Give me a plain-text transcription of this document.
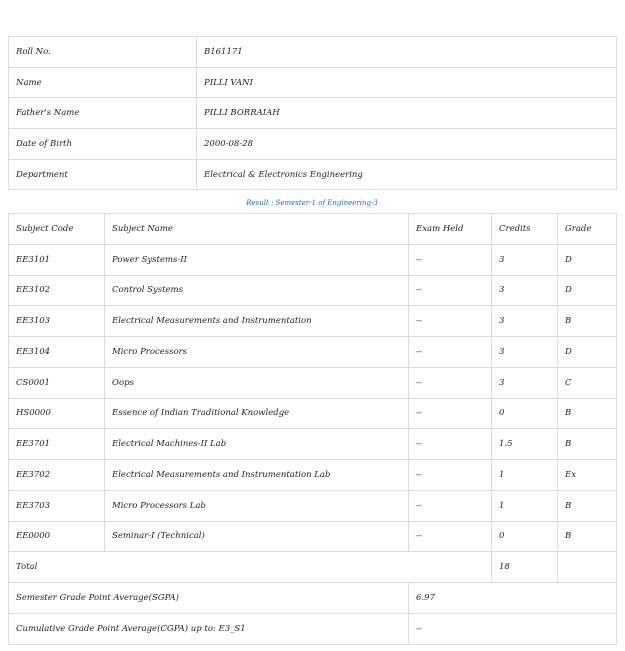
Roll No.	B161171
Name	PILLI VANI
Father's Name	PILLI BORRAIAH
Date of Birth	2000-08-28
Department	Electrical & Electronics Engineering
Result : Semester-1 of Engineering-3
Subject Code	Subject Name	Exam Held	Credits	Grade
EE3101	Power Systems-II	--	3	D
EE3102	Control Systems	--	3	D
EE3103	Electrical Measurements and Instrumentation	--	3	B
EE3104	Micro Processors	--	3	D
CS0001	Oops	--	3	C
HS0000	Essence of Indian Traditional Knowledge	--	0	B
EE3701	Electrical Machines-II Lab	--	1.5	B
EE3702	Electrical Measurements and Instrumentation Lab	--	1	Ex
EE3703	Micro Processors Lab	--	1	B
EE0000	Seminar-I (Technical)	--	0	B
Total			18	
Semester Grade Point Average(SGPA)		6.97		
Cumulative Grade Point Average(CGPA) up to: E3_S1		--		
